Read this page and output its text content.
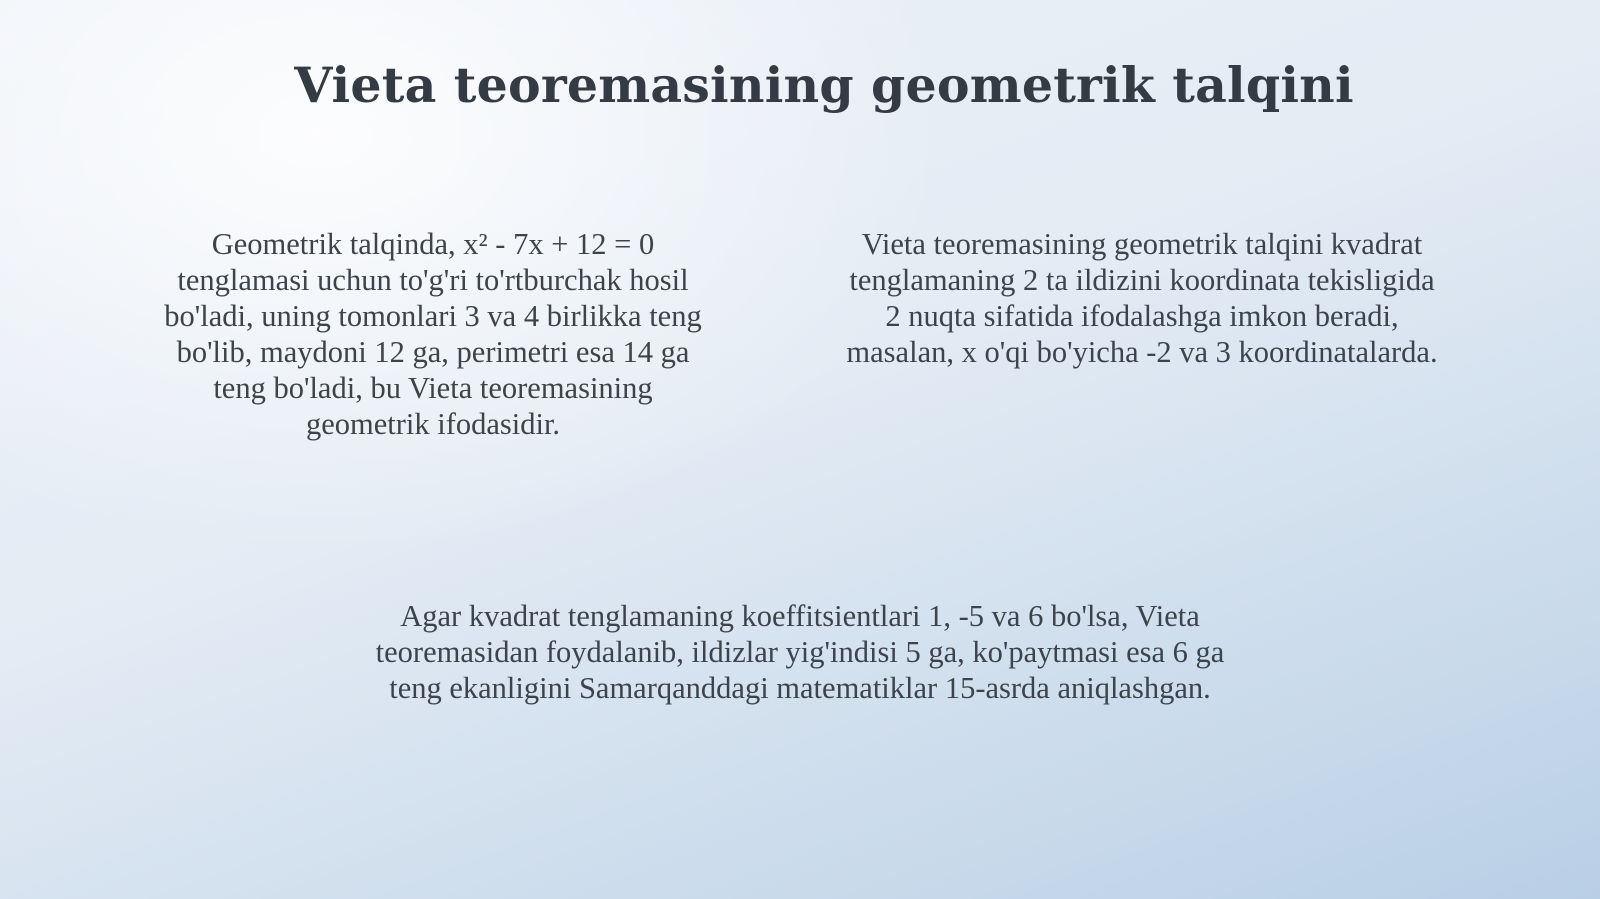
Vieta teoremasining geometrik talqini
Geometrik talqinda, x² - 7x + 12 = 0
tenglamasi uchun to'g'ri to'rtburchak hosil
bo'ladi, uning tomonlari 3 va 4 birlikka teng
bo'lib, maydoni 12 ga, perimetri esa 14 ga
teng bo'ladi, bu Vieta teoremasining
geometrik ifodasidir.
Vieta teoremasining geometrik talqini kvadrat
tenglamaning 2 ta ildizini koordinata tekisligida
2 nuqta sifatida ifodalashga imkon beradi,
masalan, x o'qi bo'yicha -2 va 3 koordinatalarda.
Agar kvadrat tenglamaning koeffitsientlari 1, -5 va 6 bo'lsa, Vieta
teoremasidan foydalanib, ildizlar yig'indisi 5 ga, ko'paytmasi esa 6 ga
teng ekanligini Samarqanddagi matematiklar 15-asrda aniqlashgan.
